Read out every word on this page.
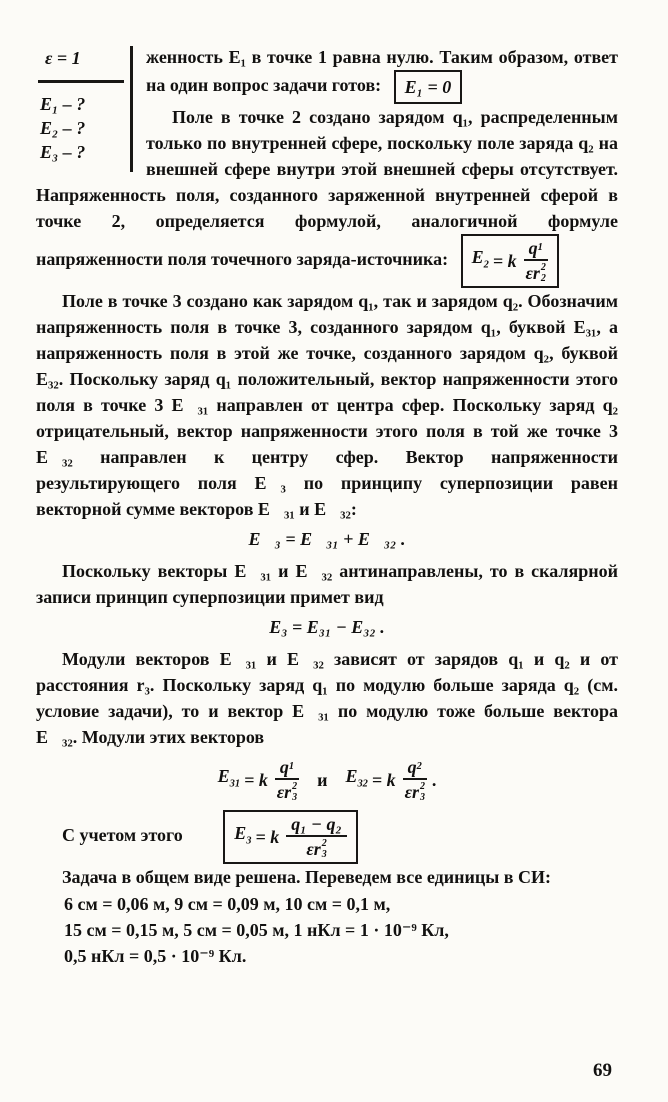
ε = 1
E₁ – ?
E₂ – ?
E₃ – ?

женность E₁ в точке 1 равна нулю. Таким образом, ответ на один вопрос задачи готов: E₁ = 0

Поле в точке 2 создано зарядом q₁, распределенным только по внутренней сфере, поскольку поле заряда q₂ на внешней сфере внутри этой внешней сферы отсутствует. Напряженность поля, созданного заряженной внутренней сферой в точке 2, определяется формулой, аналогичной формуле напряженности поля точечного заряда-источника: $E_2 = k$ q 1
εr 2
2

Поле в точке 3 создано как зарядом q₁, так и зарядом q₂. Обозначим напряженность поля в точке 3, созданного зарядом q₁, буквой E₃₁, а напряженность поля в этой же точке, созданного зарядом q₂, буквой E₃₂. Поскольку заряд q₁ положительный, вектор напряженности этого поля в точке 3 E⃗₃₁ направлен от центра сфер. Поскольку заряд q₂ отрицательный, вектор напряженности этого поля в той же точке 3 E⃗₃₂ направлен к центру сфер. Вектор напряженности результирующего поля E⃗₃ по принципу суперпозиции равен векторной сумме векторов E⃗₃₁ и E⃗₃₂:

E⃗₃ = E⃗₃₁ + E⃗₃₂ .

Поскольку векторы E⃗₃₁ и E⃗₃₂ антинаправлены, то в скалярной записи принцип суперпозиции примет вид

E₃ = E₃₁ − E₃₂ .

Модули векторов E⃗₃₁ и E⃗₃₂ зависят от зарядов q₁ и q₂ и от расстояния r₃. Поскольку заряд q₁ по модулю больше заряда q₂ (см. условие задачи), то и вектор E⃗₃₁ по модулю тоже больше вектора E⃗₃₂. Модули этих векторов

$E_{31} = k$ q 1
εr 2
3 и $E_{32} = k$ q 2
εr 2
3 .

С учетом этого	$E_3 = k$ q₁ − q₂
εr 2
3

Задача в общем виде решена. Переведем все единицы в СИ:

6 см = 0,06 м, 9 см = 0,09 м, 10 см = 0,1 м,
15 см = 0,15 м, 5 см = 0,05 м, 1 нКл = 1 · 10⁻⁹ Кл,
0,5 нКл = 0,5 · 10⁻⁹ Кл.
69
